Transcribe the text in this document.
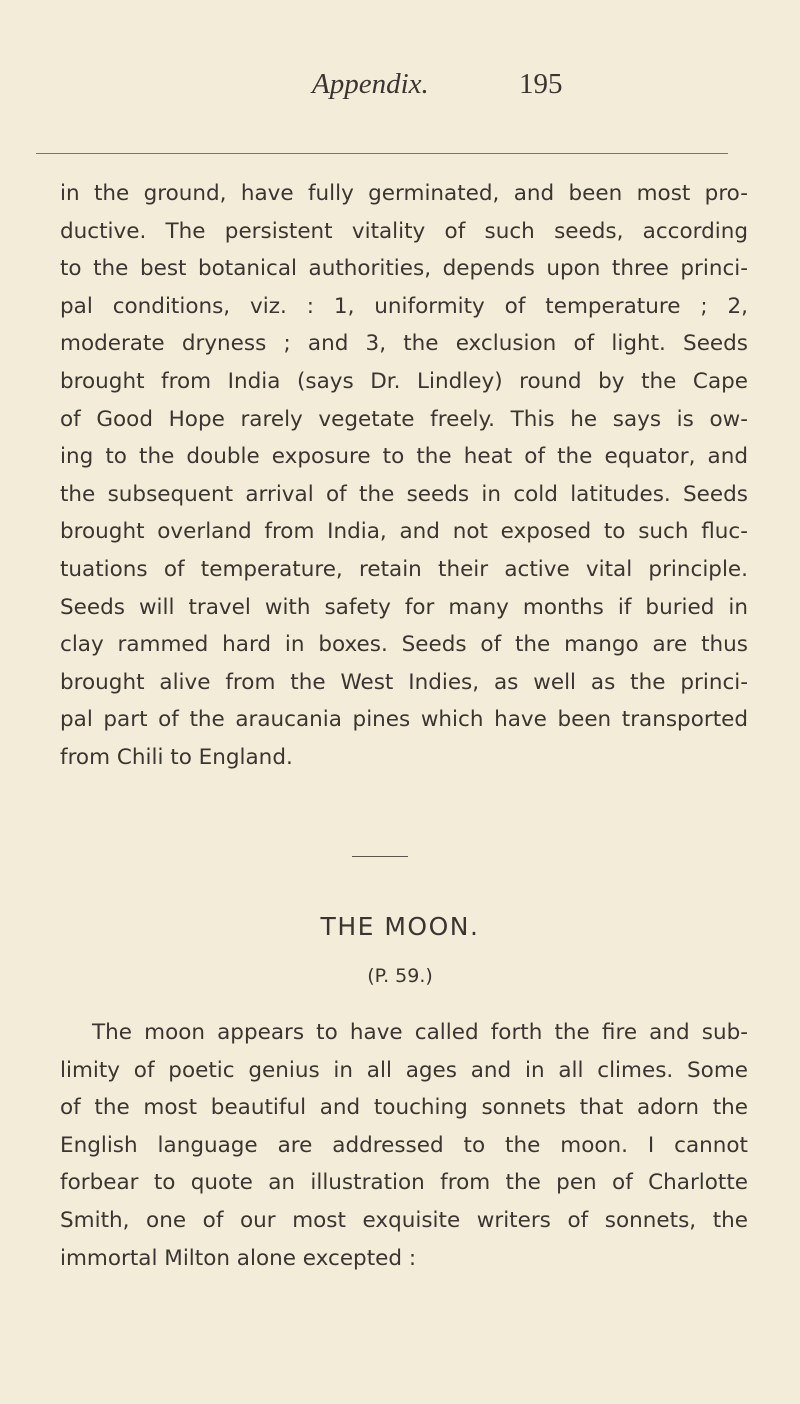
Appendix.	195
in the ground, have fully germinated, and been most pro-
ductive. The persistent vitality of such seeds, according
to the best botanical authorities, depends upon three princi-
pal conditions, viz. : 1, uniformity of temperature ; 2,
moderate dryness ; and 3, the exclusion of light. Seeds
brought from India (says Dr. Lindley) round by the Cape
of Good Hope rarely vegetate freely. This he says is ow-
ing to the double exposure to the heat of the equator, and
the subsequent arrival of the seeds in cold latitudes. Seeds
brought overland from India, and not exposed to such fluc-
tuations of temperature, retain their active vital principle.
Seeds will travel with safety for many months if buried in
clay rammed hard in boxes. Seeds of the mango are thus
brought alive from the West Indies, as well as the princi-
pal part of the araucania pines which have been transported
from Chili to England.
THE MOON.
(P. 59.)
The moon appears to have called forth the fire and sub-
limity of poetic genius in all ages and in all climes. Some
of the most beautiful and touching sonnets that adorn the
English language are addressed to the moon. I cannot
forbear to quote an illustration from the pen of Charlotte
Smith, one of our most exquisite writers of sonnets, the
immortal Milton alone excepted :
